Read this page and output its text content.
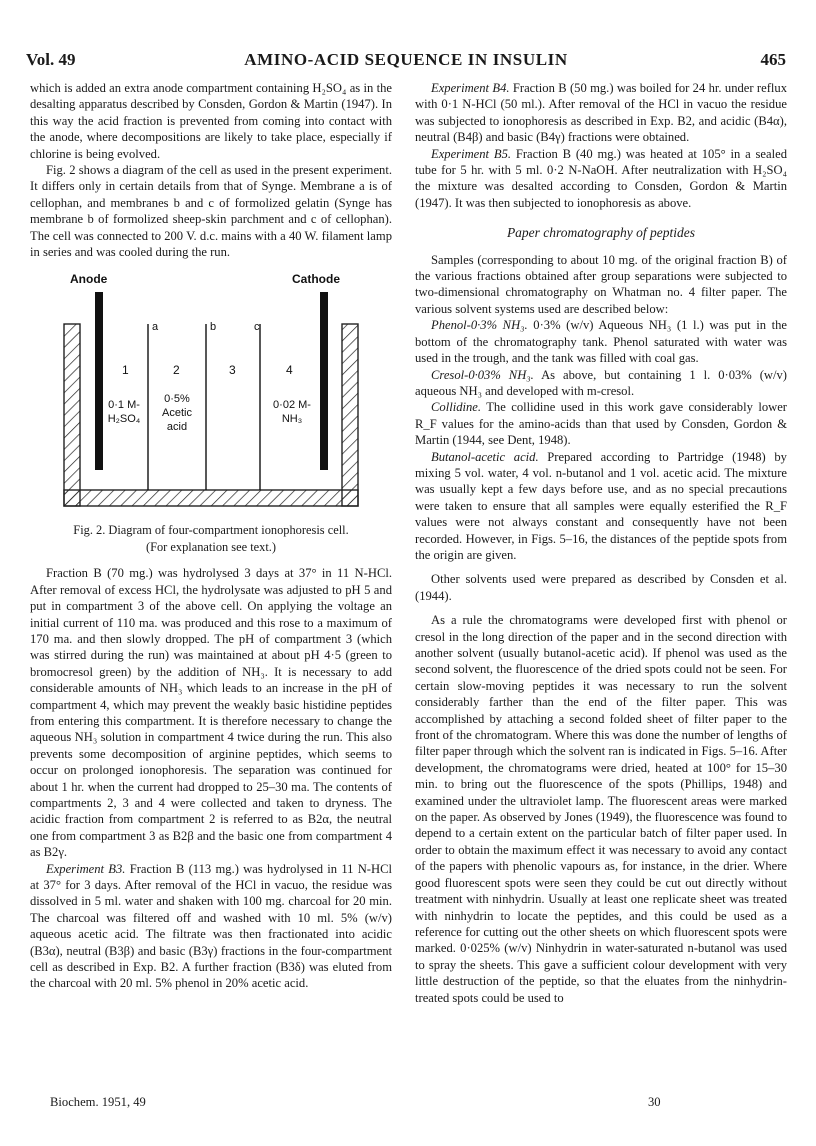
Vol. 49	AMINO-ACID SEQUENCE IN INSULIN	465

which is added an extra anode compartment containing H₂SO₄ as in the desalting apparatus described by Consden, Gordon & Martin (1947). In this way the acid fraction is prevented from coming into contact with the anode, where decompositions are likely to take place, especially if chlorine is being evolved.

Fig. 2 shows a diagram of the cell as used in the present experiment. It differs only in certain details from that of Synge. Membrane a is of cellophan, and membranes b and c of formolized gelatin (Synge has membrane b of formolized sheep-skin parchment and c of cellophan). The cell was connected to 200 V. d.c. mains with a 40 W. filament lamp in series and was cooled during the run.

Anode	Cathode
a	b	c
1	2	3	4
0·1 M-
H₂SO₄
0·5%
Acetic
acid
0·02 M-
NH₃

Fig. 2. Diagram of four-compartment ionophoresis cell.
(For explanation see text.)

Fraction B (70 mg.) was hydrolysed 3 days at 37° in 11 N-HCl. After removal of excess HCl, the hydrolysate was adjusted to pH 5 and put in compartment 3 of the above cell. On applying the voltage an initial current of 110 ma. was produced and this rose to a maximum of 170 ma. and then slowly dropped. The pH of compartment 3 (which was stirred during the run) was maintained at about pH 4·5 (green to bromocresol green) by the addition of NH₃. It is necessary to add considerable amounts of NH₃ which leads to an increase in the pH of compartment 4, which may prevent the weakly basic histidine peptides from entering this compartment. It is therefore necessary to change the aqueous NH₃ solution in compartment 4 twice during the run. This also prevents some decomposition of arginine peptides, which seems to occur on prolonged ionophoresis. The separation was continued for about 1 hr. when the current had dropped to 25–30 ma. The contents of compartments 2, 3 and 4 were collected and taken to dryness. The acidic fraction from compartment 2 is referred to as B2α, the neutral one from compartment 3 as B2β and the basic one from compartment 4 as B2γ.

Experiment B3. Fraction B (113 mg.) was hydrolysed in 11 N-HCl at 37° for 3 days. After removal of the HCl in vacuo, the residue was dissolved in 5 ml. water and shaken with 100 mg. charcoal for 20 min. The charcoal was filtered off and washed with 10 ml. 5% (w/v) aqueous acetic acid. The filtrate was then fractionated into acidic (B3α), neutral (B3β) and basic (B3γ) fractions in the four-compartment cell as described in Exp. B2. A further fraction (B3δ) was eluted from the charcoal with 20 ml. 5% phenol in 20% acetic acid.

Experiment B4. Fraction B (50 mg.) was boiled for 24 hr. under reflux with 0·1 N-HCl (50 ml.). After removal of the HCl in vacuo the residue was subjected to ionophoresis as described in Exp. B2, and acidic (B4α), neutral (B4β) and basic (B4γ) fractions were obtained.

Experiment B5. Fraction B (40 mg.) was heated at 105° in a sealed tube for 5 hr. with 5 ml. 0·2 N-NaOH. After neutralization with H₂SO₄ the mixture was desalted according to Consden, Gordon & Martin (1947). It was then subjected to ionophoresis as above.

Paper chromatography of peptides

Samples (corresponding to about 10 mg. of the original fraction B) of the various fractions obtained after group separations were subjected to two-dimensional chromatography on Whatman no. 4 filter paper. The various solvent systems used are described below:

Phenol-0·3% NH₃. 0·3% (w/v) Aqueous NH₃ (1 l.) was put in the bottom of the chromatography tank. Phenol saturated with water was used in the trough, and the tank was filled with coal gas.

Cresol-0·03% NH₃. As above, but containing 1 l. 0·03% (w/v) aqueous NH₃ and developed with m-cresol.

Collidine. The collidine used in this work gave considerably lower R_F values for the amino-acids than that used by Consden, Gordon & Martin (1944, see Dent, 1948).

Butanol-acetic acid. Prepared according to Partridge (1948) by mixing 5 vol. water, 4 vol. n-butanol and 1 vol. acetic acid. The mixture was usually kept a few days before use, and as no special precautions were taken to ensure that all samples were equally esterified the R_F values were not always constant and consequently have not been recorded. However, in Figs. 5–16, the distances of the peptide spots from the origin are given.

Other solvents used were prepared as described by Consden et al. (1944).

As a rule the chromatograms were developed first with phenol or cresol in the long direction of the paper and in the second direction with another solvent (usually butanol-acetic acid). If phenol was used as the second solvent, the fluorescence of the dried spots could not be seen. For certain slow-moving peptides it was necessary to run the solvent considerably farther than the end of the filter paper. This was accomplished by attaching a second folded sheet of filter paper to the front of the chromatogram. Where this was done the number of lengths of filter paper through which the solvent ran is indicated in Figs. 5–16. After development, the chromatograms were dried, heated at 100° for 15–30 min. to bring out the fluorescence of the spots (Phillips, 1948) and examined under the ultraviolet lamp. The fluorescent areas were marked on the paper. As observed by Jones (1949), the fluorescence was found to depend to a certain extent on the particular batch of filter paper used. In order to obtain the maximum effect it was necessary to avoid any contact of the papers with phenolic vapours as, for instance, in the drier. Where good fluorescent spots were seen they could be cut out directly without treatment with ninhydrin. Usually at least one replicate sheet was treated with ninhydrin to locate the peptides, and this could be used as a reference for cutting out the other sheets on which fluorescent spots were marked. 0·025% (w/v) Ninhydrin in water-saturated n-butanol was used to spray the sheets. This gave a sufficient colour development with very little destruction of the peptide, so that the eluates from the ninhydrin-treated spots could be used to

Biochem. 1951, 49	30
